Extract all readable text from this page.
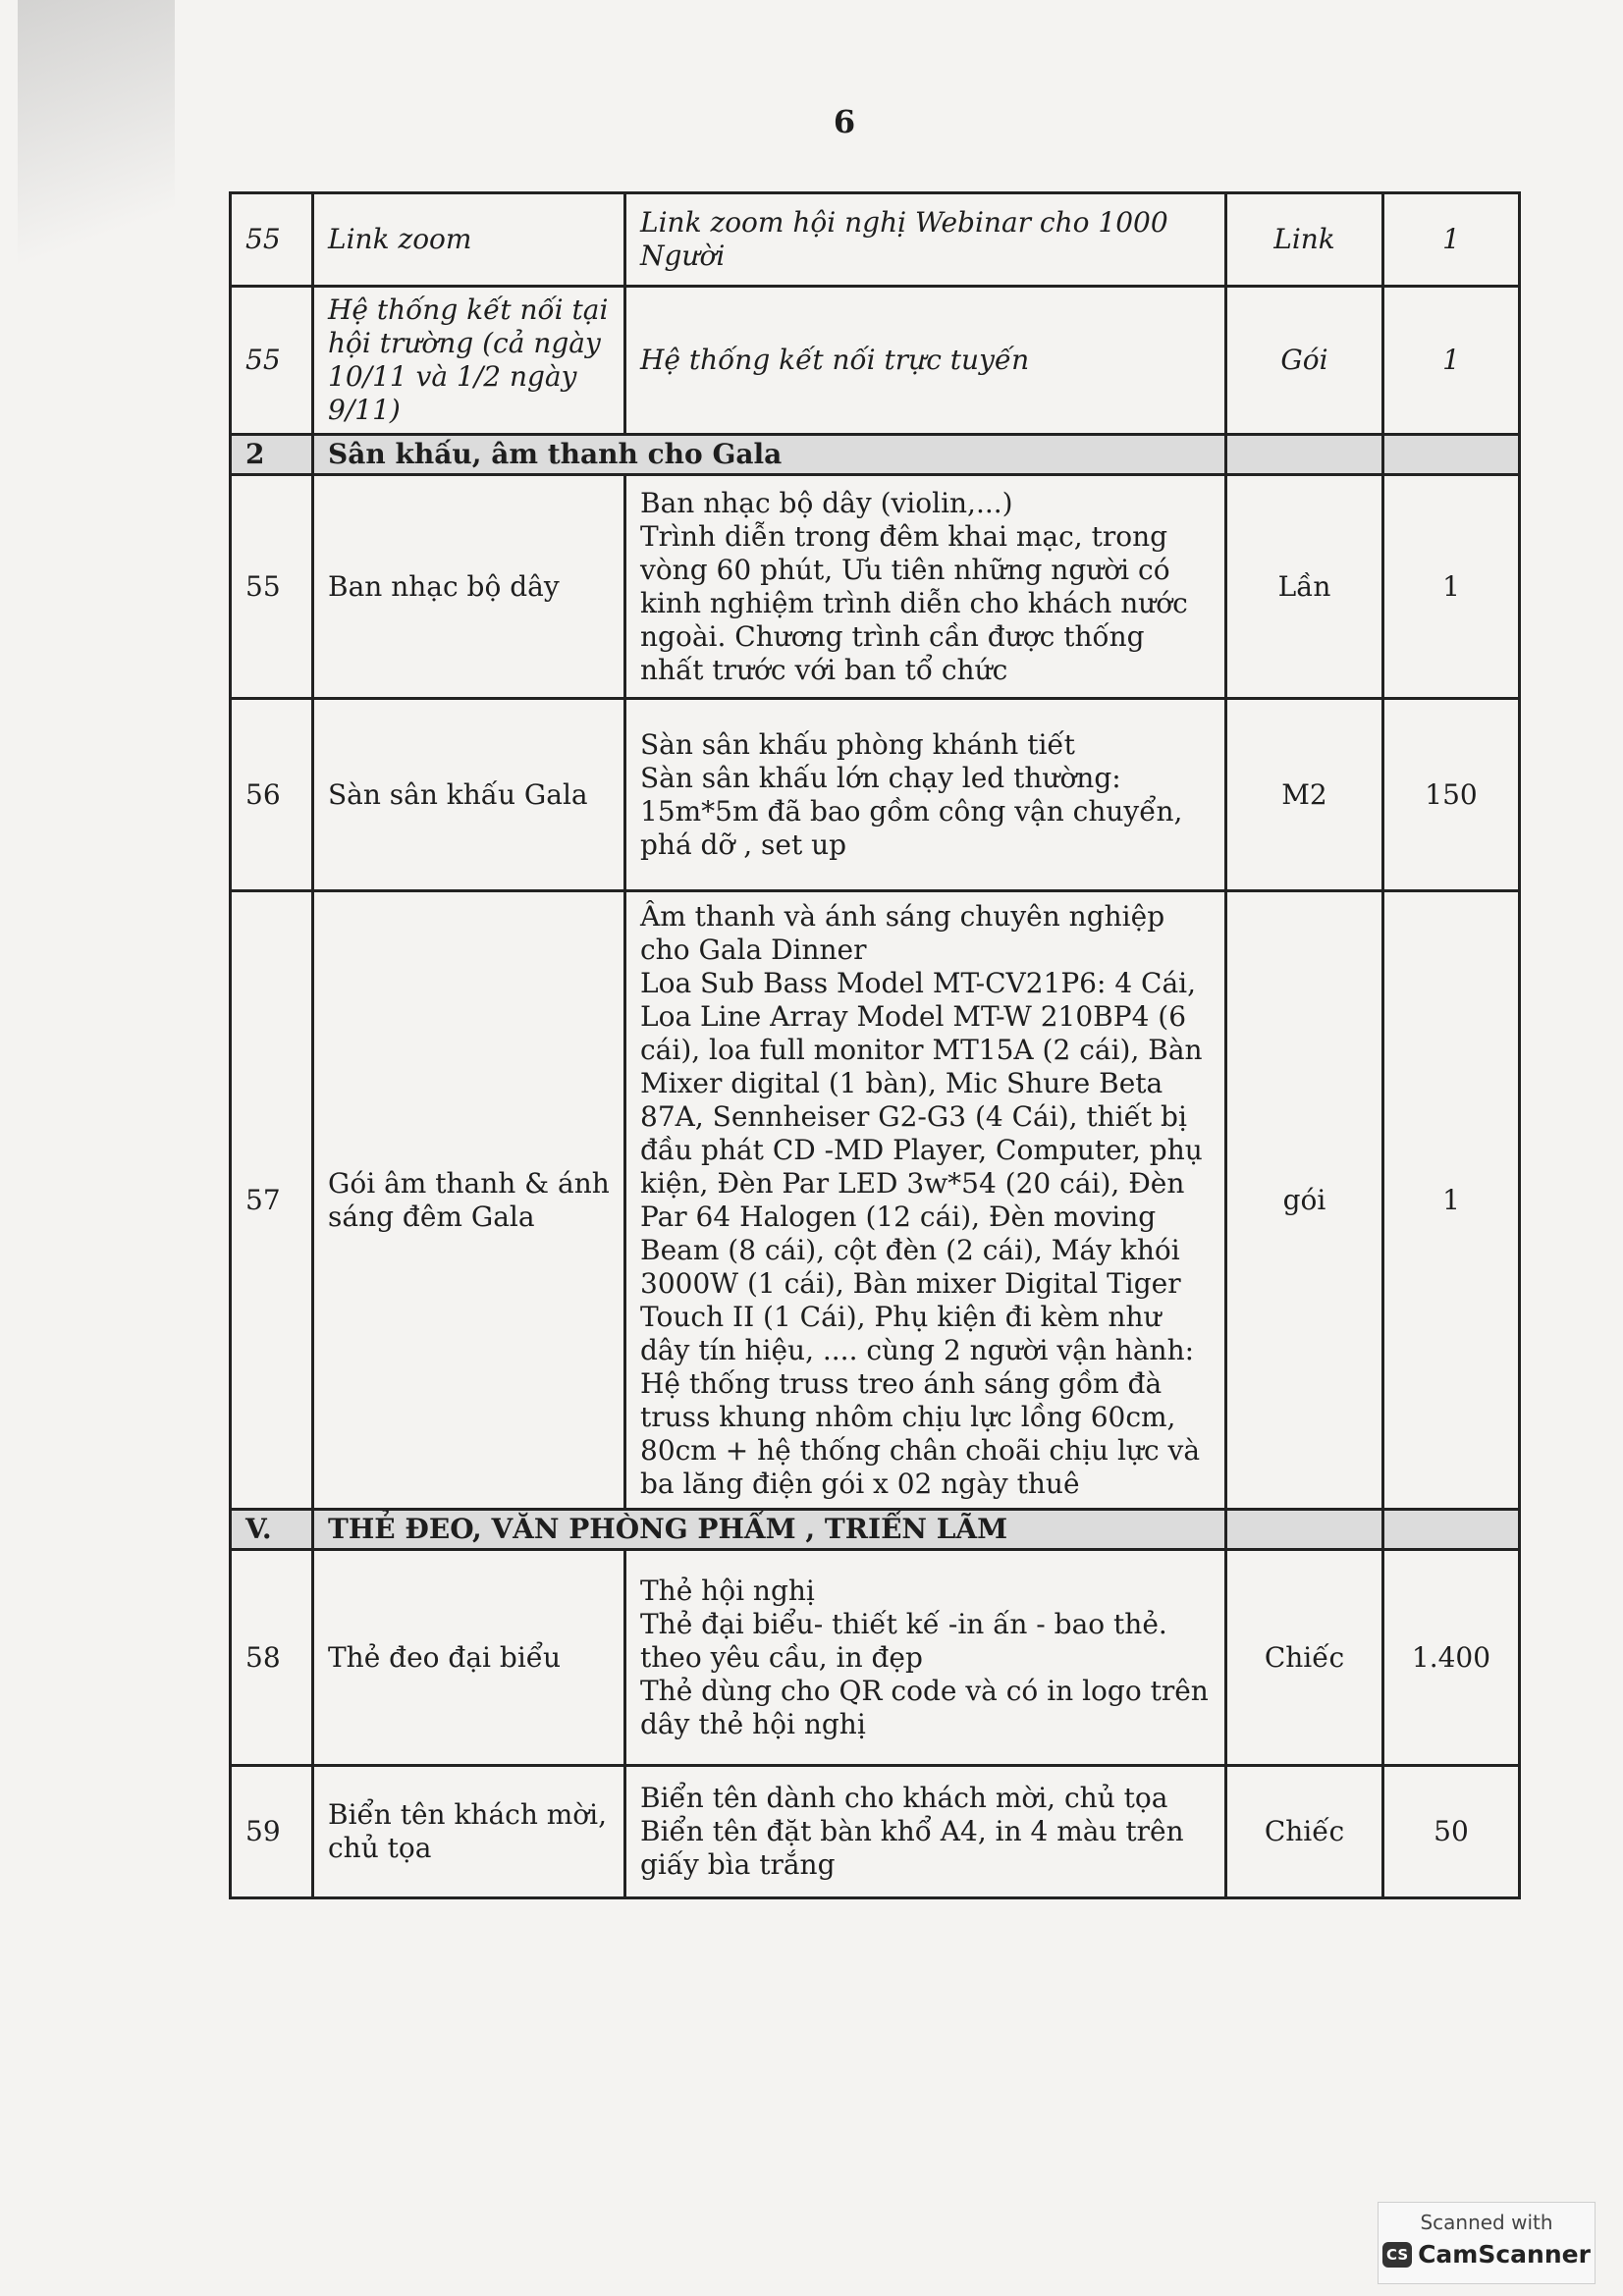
6
55	Link zoom	Link zoom hội nghị Webinar cho 1000 Người	Link	1
55	Hệ thống kết nối tại hội trường (cả ngày 10/11 và 1/2 ngày 9/11)	Hệ thống kết nối trực tuyến	Gói	1
2	Sân khấu, âm thanh cho Gala			
55	Ban nhạc bộ dây	Ban nhạc bộ dây (violin,...)
Trình diễn trong đêm khai mạc, trong vòng 60 phút, Ưu tiên những người có kinh nghiệm trình diễn cho khách nước ngoài. Chương trình cần được thống nhất trước với ban tổ chức	Lần	1
56	Sàn sân khấu Gala	Sàn sân khấu phòng khánh tiết
Sàn sân khấu lớn chạy led thường: 15m*5m đã bao gồm công vận chuyển, phá dỡ , set up	M2	150
57	Gói âm thanh & ánh sáng đêm Gala	Âm thanh và ánh sáng chuyên nghiệp cho Gala Dinner
Loa Sub Bass Model MT-CV21P6: 4 Cái, Loa Line Array Model MT-W 210BP4 (6 cái), loa full monitor MT15A (2 cái), Bàn Mixer digital (1 bàn), Mic Shure Beta 87A, Sennheiser G2-G3 (4 Cái), thiết bị đầu phát CD -MD Player, Computer, phụ kiện, Đèn Par LED 3w*54 (20 cái), Đèn Par 64 Halogen (12 cái), Đèn moving Beam (8 cái), cột đèn (2 cái), Máy khói 3000W (1 cái), Bàn mixer Digital Tiger Touch II (1 Cái), Phụ kiện đi kèm như dây tín hiệu, .... cùng 2 người vận hành:
Hệ thống truss treo ánh sáng gồm đà truss khung nhôm chịu lực lồng 60cm, 80cm + hệ thống chân choãi chịu lực và ba lăng điện gói x 02 ngày thuê	gói	1
V.	THẺ ĐEO, VĂN PHÒNG PHẨM , TRIỂN LÃM			
58	Thẻ đeo đại biểu	Thẻ hội nghị
Thẻ đại biểu- thiết kế -in ấn - bao thẻ. theo yêu cầu, in đẹp
Thẻ dùng cho QR code và có in logo trên dây thẻ hội nghị	Chiếc	1.400
59	Biển tên khách mời, chủ tọa	Biển tên dành cho khách mời, chủ tọa
Biển tên đặt bàn khổ A4, in 4 màu trên giấy bìa trắng	Chiếc	50
Scanned with
CS CamScanner
